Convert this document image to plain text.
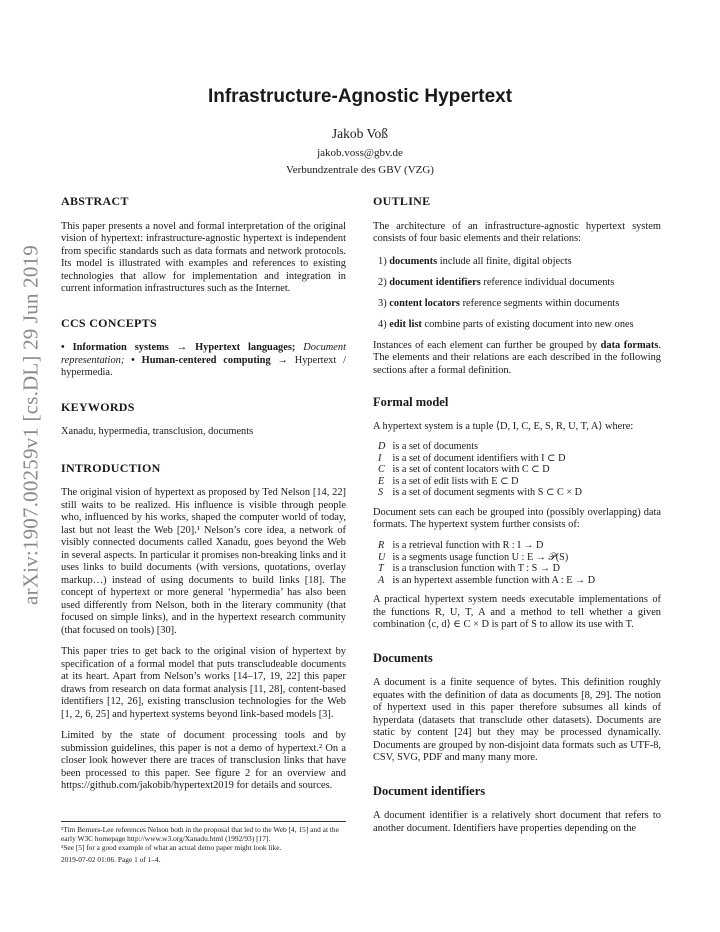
arXiv:1907.00259v1 [cs.DL] 29 Jun 2019
Infrastructure-Agnostic Hypertext
Jakob Voß
jakob.voss@gbv.de
Verbundzentrale des GBV (VZG)
ABSTRACT

This paper presents a novel and formal interpretation of the original vision of hypertext: infrastructure-agnostic hypertext is independent from specific standards such as data formats and network protocols. Its model is illustrated with examples and references to existing technologies that allow for implementation and integration in current information infrastructures such as the Internet.

CCS CONCEPTS

• Information systems → Hypertext languages; Document representation; • Human-centered computing → Hypertext / hypermedia.

KEYWORDS

Xanadu, hypermedia, transclusion, documents

INTRODUCTION

The original vision of hypertext as proposed by Ted Nelson [14, 22] still waits to be realized. His influence is visible through people who, influenced by his works, shaped the computer world of today, last but not least the Web [20].¹ Nelson’s core idea, a network of visibly connected documents called Xanadu, goes beyond the Web in several aspects. In particular it promises non-breaking links and it uses links to build documents (with versions, quotations, overlay markup…) instead of using documents to build links [18]. The concept of hypertext or more general ‘hypermedia’ has also been used differently from Nelson, both in the literary community (that focused on simple links), and in the hypertext research community (that focused on tools) [30].

This paper tries to get back to the original vision of hypertext by specification of a formal model that puts transcludeable documents at its heart. Apart from Nelson’s works [14–17, 19, 22] this paper draws from research on data format analysis [11, 28], content-based identifiers [12, 26], existing transclusion technologies for the Web [1, 2, 6, 25] and hypertext systems beyond link-based models [3].

Limited by the state of document processing tools and by submission guidelines, this paper is not a demo of hypertext.² On a closer look however there are traces of transclusion links that have been processed to this paper. See figure 2 for an overview and https://github.com/jakobib/hypertext2019 for details and sources.

¹Tim Berners-Lee references Nelson both in the proposal that led to the Web [4, 15] and at the early W3C homepage http://www.w3.org/Xanadu.html (1992/93) [17].
²See [5] for a good example of what an actual demo paper might look like.
2019-07-02 01:06. Page 1 of 1–4.
OUTLINE

The architecture of an infrastructure-agnostic hypertext system consists of four basic elements and their relations:

1) documents include all finite, digital objects
2) document identifiers reference individual documents
3) content locators reference segments within documents
4) edit list combine parts of existing document into new ones

Instances of each element can further be grouped by data formats. The elements and their relations are each described in the following sections after a formal definition.

Formal model

A hypertext system is a tuple ⟨D, I, C, E, S, R, U, T, A⟩ where:

D is a set of documents
I is a set of document identifiers with I ⊂ D
C is a set of content locators with C ⊂ D
E is a set of edit lists with E ⊂ D
S is a set of document segments with S ⊂ C × D

Document sets can each be grouped into (possibly overlapping) data formats. The hypertext system further consists of:

R is a retrieval function with R : I → D
U is a segments usage function U : E → 𝒫(S)
T is a transclusion function with T : S → D
A is an hypertext assemble function with A : E → D

A practical hypertext system needs executable implementations of the functions R, U, T, A and a method to tell whether a given combination ⟨c, d⟩ ∈ C × D is part of S to allow its use with T.

Documents

A document is a finite sequence of bytes. This definition roughly equates with the definition of data as documents [8, 29]. The notion of hypertext used in this paper therefore subsumes all kinds of hyperdata (datasets that transclude other datasets). Documents are static by content [24] but they may be processed dynamically. Documents are grouped by non-disjoint data formats such as UTF-8, CSV, SVG, PDF and many many more.

Document identifiers

A document identifier is a relatively short document that refers to another document. Identifiers have properties depending on the
